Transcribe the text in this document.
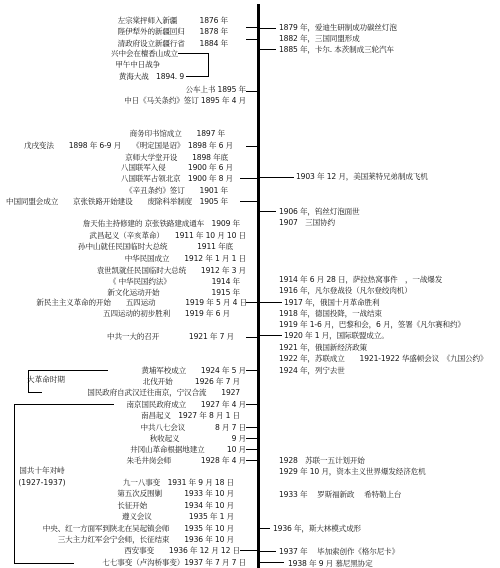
左宗棠抨师入新疆　　　1876 年
陛伊犁外的新疆回归　　1878 年
清政府设立新疆行省　　1884 年
兴中会在檀香山成立
甲午中日战争
黄海大战　1894. 9
公车上书 1895 年
中日《马关条约》签订 1895 年 4 月
商务印书馆成立　　1897 年
戊戌变法　　1898 年 6-9 月　　《明定国是诏》　1898 年 6 月
京师大学堂开设　　1898 年底
八国联军入侵　　　1900 年 6 月
八国联军占领北京　1900 年 8 月
《辛丑条约》签订　　1901 年
中国同盟会成立　　京张铁路开始建设　　废除科举制度　1905 年
詹天佑主持修建的 京张铁路建成通车　1909 年
武昌起义（辛亥革命）　　1911 年 10 月 10 日
孙中山就任民国临时大总统　　　　1911 年底
中华民国成立　　1912 年 1 月 1 日
袁世凯就任民国临时大总统　　1912 年 3 月
《 中华民国约法》　　　　　　1914 年
新文化运动开始　　　　　　　1915 年
新民主主义革命的开始　　五四运动　　　　1919 年 5 月 4 日
五四运动的初步胜利　　1919 年 6 月
中共一大的召开　　　　1921 年 7 月
黄埔军校成立　　1924 年 5 月
北伐开始　　　1926 年 7 月
国民政府自武汉迁往南京，宁汉合流　　1927
南京国民政府成立　　1927 年 4 月
南昌起义　1927 年 8 月 1 日
中共八七会议　　　　8 月 7 日
秋收起义　　　　　　　9 月
井冈山革命根据地建立　　　10 月
朱毛井岗会师　　　　1928 年 4 月
九一八事变　1931 年 9 月 18 日
第五次反围剿　　　1933 年 10 月
长征开始　　　　　1934 年 10 月
遵义会议　　　　　1935 年 1 月
中央、红一方面军到陕北在吴起镇会师　　1935 年 10 月
三大主力红军会宁会师，长征结束　　1936 年 10 月
西安事变　　1936 年 12 月 12 日
七七事变（卢沟桥事变）1937 年 7 月 7 日
1879 年，爱迪生研制成功碳丝灯泡
1882 年，三国同盟形成
1885 年，卡尔. 本茨制成三轮汽车
1903 年 12 月，美国莱特兄弟制成飞机
1906 年，钨丝灯泡面世
1907　三国协约
1914 年 6 月 28 日，萨拉热窝事件　，一战爆发
1916 年，凡尔登战役（凡尔登绞肉机）
1917 年，俄国十月革命胜利
1918 年，德国投降，一战结束
1919 年 1-6 月，巴黎和会，6 月，签署《凡尔赛和约》
1920 年 1 月，国际联盟成立。
1921 年，俄国新经济政策
1922 年，苏联成立　　1921-1922 华盛顿会议　《九国公约》
1924 年，列宁去世
1928　苏联一五计划开始
1929 年 10 月，资本主义世界爆发经济危机
1933 年　 罗斯福新政　 希特勒上台
1936 年，斯大林模式成形
1937 年　 毕加索创作《格尔尼卡》
1938 年 9 月 慕尼黑协定
大革命时期
国共十年对峙
(1927-1937)
